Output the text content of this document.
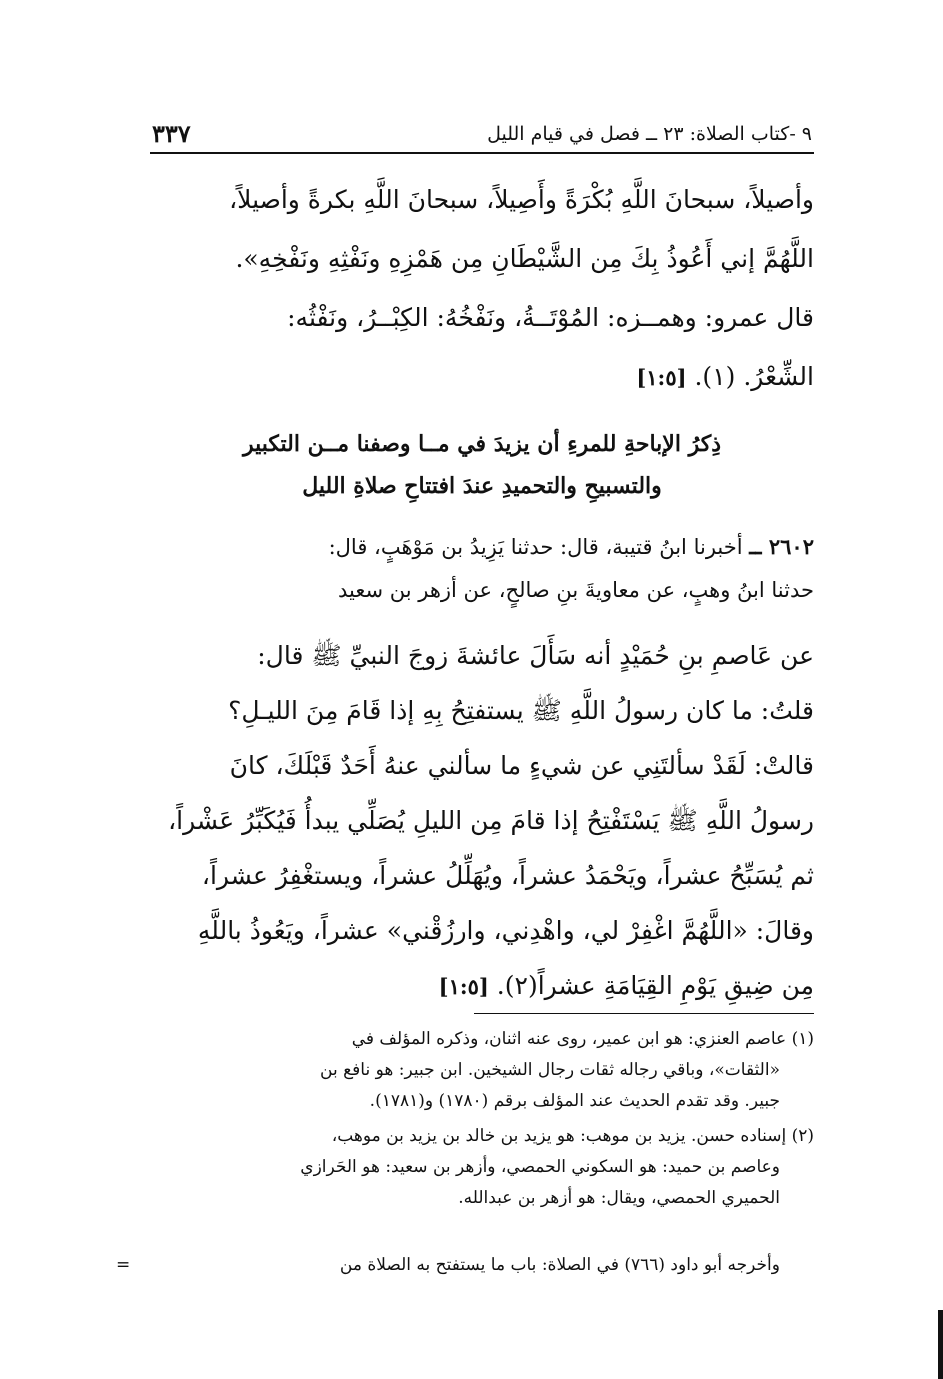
٩ -كتاب الصلاة: ٢٣ ــ فصل في قيام الليل
٣٣٧

وأصيلاً، سبحانَ اللَّهِ بُكْرَةً وأَصِيلاً، سبحانَ اللَّهِ بكرةً وأصيلاً،
اللَّهُمَّ إني أَعُوذُ بِكَ مِن الشَّيْطَانِ مِن هَمْزِهِ ونَفْثِهِ ونَفْخِهِ».
قال عمرو: وهمــزه: المُوْتَــةُ، ونَفْخُهُ: الكِبْــرُ، ونَفْثُه:
الشِّعْرُ. (١). [١:٥]

ذِكرُ الإباحةِ للمرءِ أن يزيدَ في مــا وصفنا مــن التكبير
والتسبيحِ والتحميدِ عندَ افتتاحِ صلاةِ الليل
٢٦٠٢ ــ أخبرنا ابنُ قتيبة، قال: حدثنا يَزِيدُ بن مَوْهَبٍ، قال:
حدثنا ابنُ وهبٍ، عن معاويةَ بنِ صالحٍ، عن أزهر بن سعيد

عن عَاصمِ بنِ حُمَيْدٍ أنه سَأَلَ عائشةَ زوجَ النبيِّ ﷺ قال:
قلتُ: ما كان رسولُ اللَّهِ ﷺ يستفتِحُ بِهِ إذا قَامَ مِنَ الليـلِ؟
قالتْ: لَقَدْ سألتَنِي عن شيءٍ ما سألني عنهُ أَحَدٌ قَبْلَكَ، كانَ
رسولُ اللَّهِ ﷺ يَسْتَفْتِحُ إذا قامَ مِن الليلِ يُصَلِّي يبدأُ فَيُكَبِّرُ عَشْراً،
ثم يُسَبِّحُ عشراً، ويَحْمَدُ عشراً، ويُهَلِّلُ عشراً، ويستغْفِرُ عشراً،
وقالَ: «اللَّهُمَّ اغْفِرْ لي، واهْدِني، وارزُقْني» عشراً، ويَعُوذُ باللَّهِ
مِن ضِيقِ يَوْمِ القِيَامَةِ عشراً(٢). [١:٥]

(١) عاصم العنزي: هو ابن عمير، روى عنه اثنان، وذكره المؤلف في
«الثقات»، وباقي رجاله ثقات رجال الشيخين. ابن جبير: هو نافع بن
جبير. وقد تقدم الحديث عند المؤلف برقم (١٧٨٠) و(١٧٨١).
(٢) إسناده حسن. يزيد بن موهب: هو يزيد بن خالد بن يزيد بن موهب،
وعاصم بن حميد: هو السكوني الحمصي، وأزهر بن سعيد: هو الحَرازي
الحميري الحمصي، ويقال: هو أزهر بن عبدالله.
وأخرجه أبو داود (٧٦٦) في الصلاة: باب ما يستفتح به الصلاة من
=
